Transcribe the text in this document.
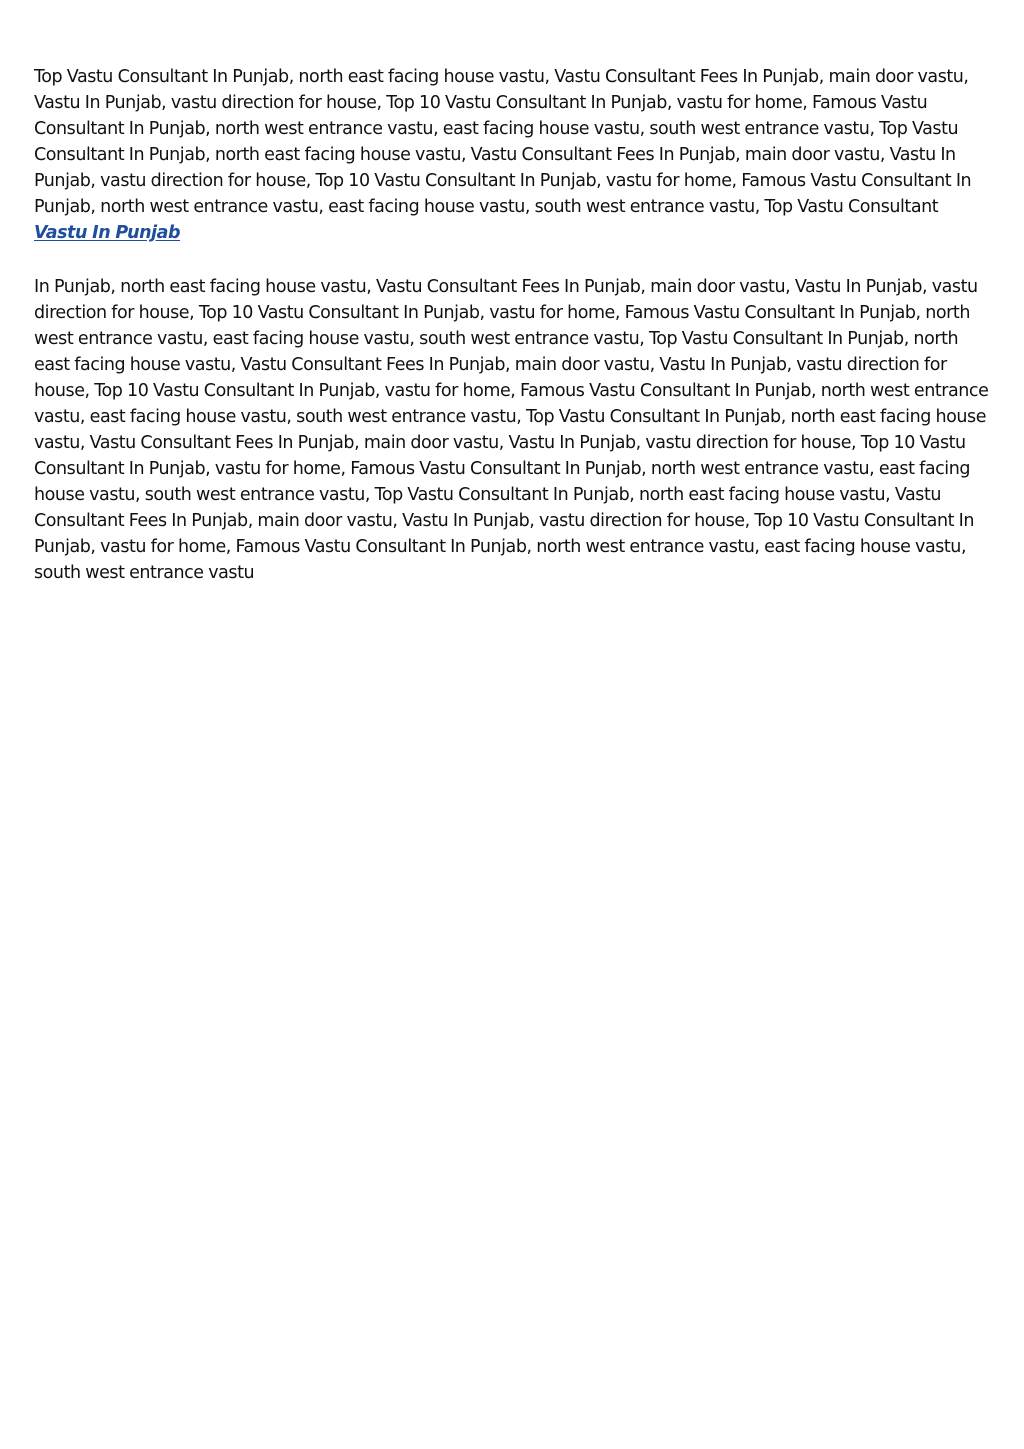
Top Vastu Consultant In Punjab, north east facing house vastu, Vastu Consultant Fees In Punjab, main door vastu, Vastu In Punjab, vastu direction for house, Top 10 Vastu Consultant In Punjab, vastu for home, Famous Vastu Consultant In Punjab, north west entrance vastu, east facing house vastu, south west entrance vastu, Top Vastu Consultant In Punjab, north east facing house vastu, Vastu Consultant Fees In Punjab, main door vastu, Vastu In Punjab, vastu direction for house, Top 10 Vastu Consultant In Punjab, vastu for home, Famous Vastu Consultant In Punjab, north west entrance vastu, east facing house vastu, south west entrance vastu, Top Vastu Consultant
Vastu In Punjab

In Punjab, north east facing house vastu, Vastu Consultant Fees In Punjab, main door vastu, Vastu In Punjab, vastu direction for house, Top 10 Vastu Consultant In Punjab, vastu for home, Famous Vastu Consultant In Punjab, north west entrance vastu, east facing house vastu, south west entrance vastu, Top Vastu Consultant In Punjab, north east facing house vastu, Vastu Consultant Fees In Punjab, main door vastu, Vastu In Punjab, vastu direction for house, Top 10 Vastu Consultant In Punjab, vastu for home, Famous Vastu Consultant In Punjab, north west entrance vastu, east facing house vastu, south west entrance vastu, Top Vastu Consultant In Punjab, north east facing house vastu, Vastu Consultant Fees In Punjab, main door vastu, Vastu In Punjab, vastu direction for house, Top 10 Vastu Consultant In Punjab, vastu for home, Famous Vastu Consultant In Punjab, north west entrance vastu, east facing house vastu, south west entrance vastu, Top Vastu Consultant In Punjab, north east facing house vastu, Vastu Consultant Fees In Punjab, main door vastu, Vastu In Punjab, vastu direction for house, Top 10 Vastu Consultant In Punjab, vastu for home, Famous Vastu Consultant In Punjab, north west entrance vastu, east facing house vastu, south west entrance vastu
